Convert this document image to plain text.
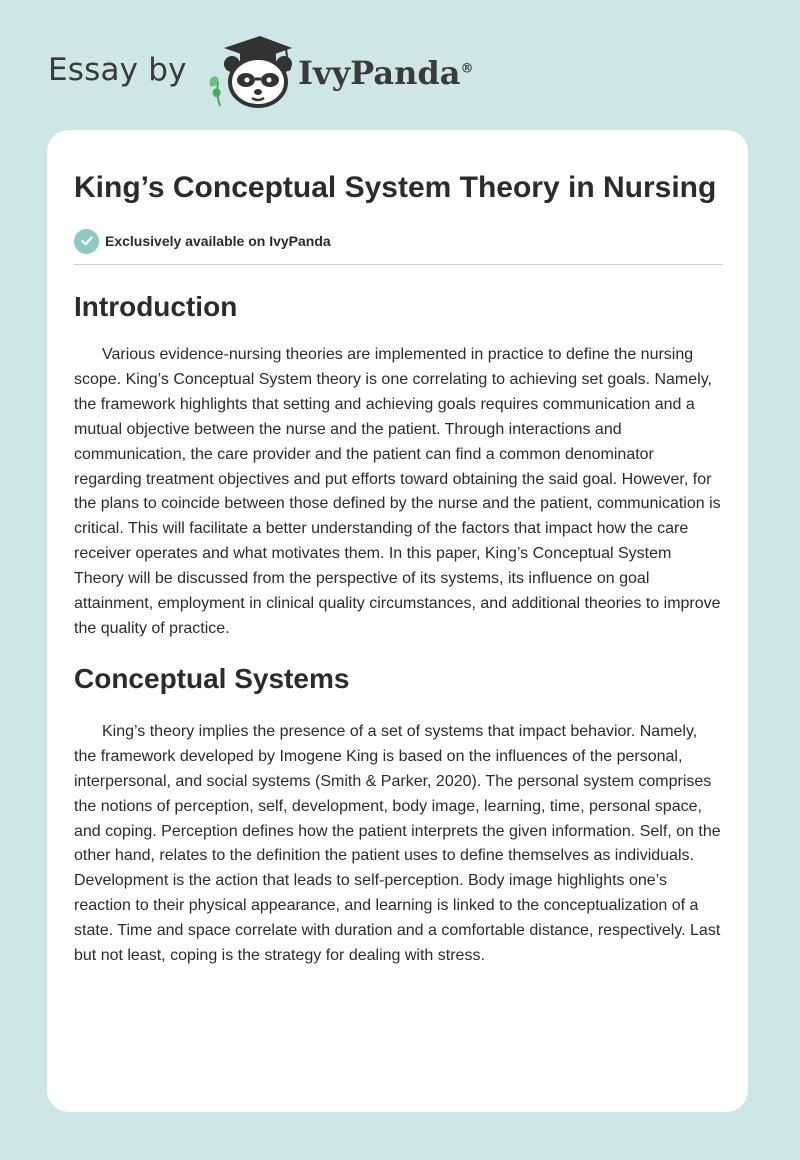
Essay by	IvyPanda®
King’s Conceptual System Theory in Nursing
Exclusively available on IvyPanda
Introduction

Various evidence-nursing theories are implemented in practice to define the nursing scope. King’s Conceptual System theory is one correlating to achieving set goals. Namely, the framework highlights that setting and achieving goals requires communication and a mutual objective between the nurse and the patient. Through interactions and communication, the care provider and the patient can find a common denominator regarding treatment objectives and put efforts toward obtaining the said goal. However, for the plans to coincide between those defined by the nurse and the patient, communication is critical. This will facilitate a better understanding of the factors that impact how the care receiver operates and what motivates them. In this paper, King’s Conceptual System Theory will be discussed from the perspective of its systems, its influence on goal attainment, employment in clinical quality circumstances, and additional theories to improve the quality of practice.

Conceptual Systems

King’s theory implies the presence of a set of systems that impact behavior. Namely, the framework developed by Imogene King is based on the influences of the personal, interpersonal, and social systems (Smith & Parker, 2020). The personal system comprises the notions of perception, self, development, body image, learning, time, personal space, and coping. Perception defines how the patient interprets the given information. Self, on the other hand, relates to the definition the patient uses to define themselves as individuals. Development is the action that leads to self-perception. Body image highlights one’s reaction to their physical appearance, and learning is linked to the conceptualization of a state. Time and space correlate with duration and a comfortable distance, respectively. Last but not least, coping is the strategy for dealing with stress.
